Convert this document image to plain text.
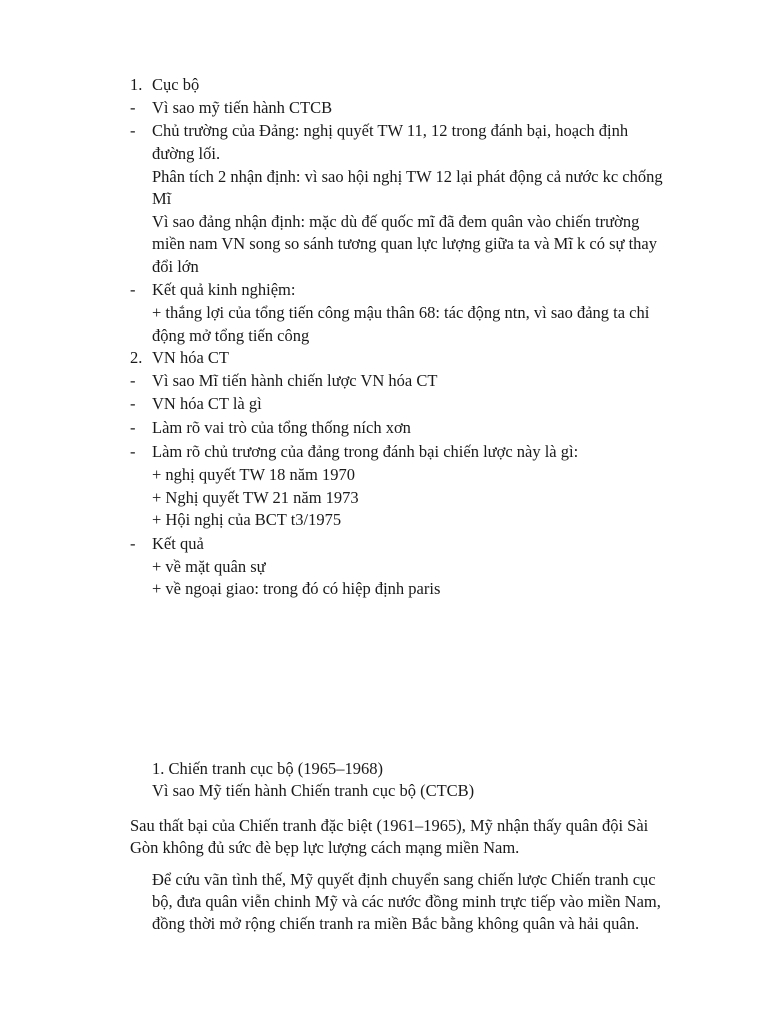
1. Cục bộ
- Vì sao mỹ tiến hành CTCB
- Chủ trường của Đảng: nghị quyết TW 11, 12 trong đánh bại, hoạch định
đường lối.
Phân tích 2 nhận định: vì sao hội nghị TW 12 lại phát động cả nước kc chống
Mĩ
Vì sao đảng nhận định: mặc dù đế quốc mĩ đã đem quân vào chiến trường
miền nam VN song so sánh tương quan lực lượng giữa ta và Mĩ k có sự thay
đổi lớn
- Kết quả kinh nghiệm:
+ thắng lợi của tổng tiến công mậu thân 68: tác động ntn, vì sao đảng ta chỉ
động mở tổng tiến công
2. VN hóa CT
- Vì sao Mĩ tiến hành chiến lược VN hóa CT
- VN hóa CT là gì
- Làm rõ vai trò của tổng thống ních xơn
- Làm rõ chủ trương của đảng trong đánh bại chiến lược này là gì:
+ nghị quyết TW 18 năm 1970
+ Nghị quyết TW 21 năm 1973
+ Hội nghị của BCT t3/1975
- Kết quả
+ về mặt quân sự
+ về ngoại giao: trong đó có hiệp định paris
1. Chiến tranh cục bộ (1965–1968)
Vì sao Mỹ tiến hành Chiến tranh cục bộ (CTCB)
Sau thất bại của Chiến tranh đặc biệt (1961–1965), Mỹ nhận thấy quân đội Sài
Gòn không đủ sức đè bẹp lực lượng cách mạng miền Nam.
Để cứu vãn tình thế, Mỹ quyết định chuyển sang chiến lược Chiến tranh cục
bộ, đưa quân viễn chinh Mỹ và các nước đồng minh trực tiếp vào miền Nam,
đồng thời mở rộng chiến tranh ra miền Bắc bằng không quân và hải quân.
